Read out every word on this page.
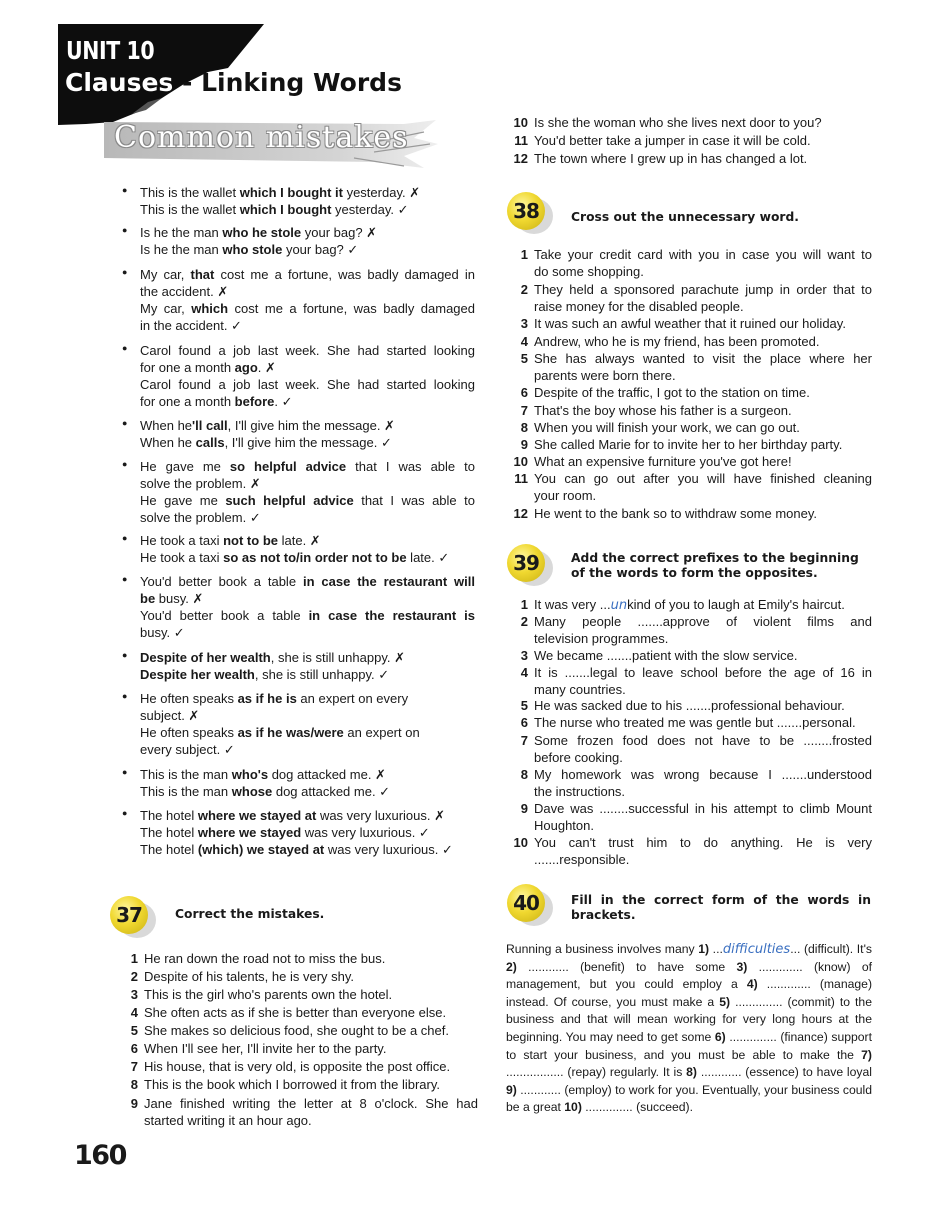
UNIT 10
Clauses - Linking Words
Common mistakes
This is the wallet which I bought it yesterday. ✗
This is the wallet which I bought yesterday. ✓
Is he the man who he stole your bag? ✗
Is he the man who stole your bag? ✓
My car, that cost me a fortune, was badly damaged in
the accident. ✗
My car, which cost me a fortune, was badly damaged
in the accident. ✓
Carol found a job last week. She had started looking
for one a month ago. ✗
Carol found a job last week. She had started looking
for one a month before. ✓
When he'll call, I'll give him the message. ✗
When he calls, I'll give him the message. ✓
He gave me so helpful advice that I was able to
solve the problem. ✗
He gave me such helpful advice that I was able to
solve the problem. ✓
He took a taxi not to be late. ✗
He took a taxi so as not to/in order not to be late. ✓
You'd better book a table in case the restaurant will
be busy. ✗
You'd better book a table in case the restaurant is
busy. ✓
Despite of her wealth, she is still unhappy. ✗
Despite her wealth, she is still unhappy. ✓
He often speaks as if he is an expert on every
subject. ✗
He often speaks as if he was/were an expert on
every subject. ✓
This is the man who's dog attacked me. ✗
This is the man whose dog attacked me. ✓
The hotel where we stayed at was very luxurious. ✗
The hotel where we stayed was very luxurious. ✓
The hotel (which) we stayed at was very luxurious. ✓
37	Correct the mistakes.
1 He ran down the road not to miss the bus.
2 Despite of his talents, he is very shy.
3 This is the girl who's parents own the hotel.
4 She often acts as if she is better than everyone else.
5 She makes so delicious food, she ought to be a chef.
6 When I'll see her, I'll invite her to the party.
7 His house, that is very old, is opposite the post office.
8 This is the book which I borrowed it from the library.
9 Jane finished writing the letter at 8 o'clock. She had
started writing it an hour ago.
10 Is she the woman who she lives next door to you?
11 You'd better take a jumper in case it will be cold.
12 The town where I grew up in has changed a lot.
38	Cross out the unnecessary word.
1 Take your credit card with you in case you will want to
do some shopping.
2 They held a sponsored parachute jump in order that to
raise money for the disabled people.
3 It was such an awful weather that it ruined our holiday.
4 Andrew, who he is my friend, has been promoted.
5 She has always wanted to visit the place where her
parents were born there.
6 Despite of the traffic, I got to the station on time.
7 That's the boy whose his father is a surgeon.
8 When you will finish your work, we can go out.
9 She called Marie for to invite her to her birthday party.
10 What an expensive furniture you've got here!
11 You can go out after you will have finished cleaning
your room.
12 He went to the bank so to withdraw some money.
39	Add the correct prefixes to the beginning
of the words to form the opposites.
1 It was very ...unkind of you to laugh at Emily's haircut.
2 Many people .......approve of violent films and
television programmes.
3 We became .......patient with the slow service.
4 It is .......legal to leave school before the age of 16 in
many countries.
5 He was sacked due to his .......professional behaviour.
6 The nurse who treated me was gentle but .......personal.
7 Some frozen food does not have to be ........frosted
before cooking.
8 My homework was wrong because I .......understood
the instructions.
9 Dave was ........successful in his attempt to climb Mount
Houghton.
10 You can't trust him to do anything. He is very
.......responsible.
40	Fill in the correct form of the words in
brackets.
Running a business involves many 1) ...difficulties... (difficult). It's 2) ............ (benefit) to have some 3) ............. (know) of management, but you could employ a 4) ............. (manage) instead. Of course, you must make a 5) .............. (commit) to the business and that will mean working for very long hours at the beginning. You may need to get some 6) .............. (finance) support to start your business, and you must be able to make the 7) ................. (repay) regularly. It is 8) ............ (essence) to have loyal 9) ............ (employ) to work for you. Eventually, your business could be a great 10) .............. (succeed).
160
